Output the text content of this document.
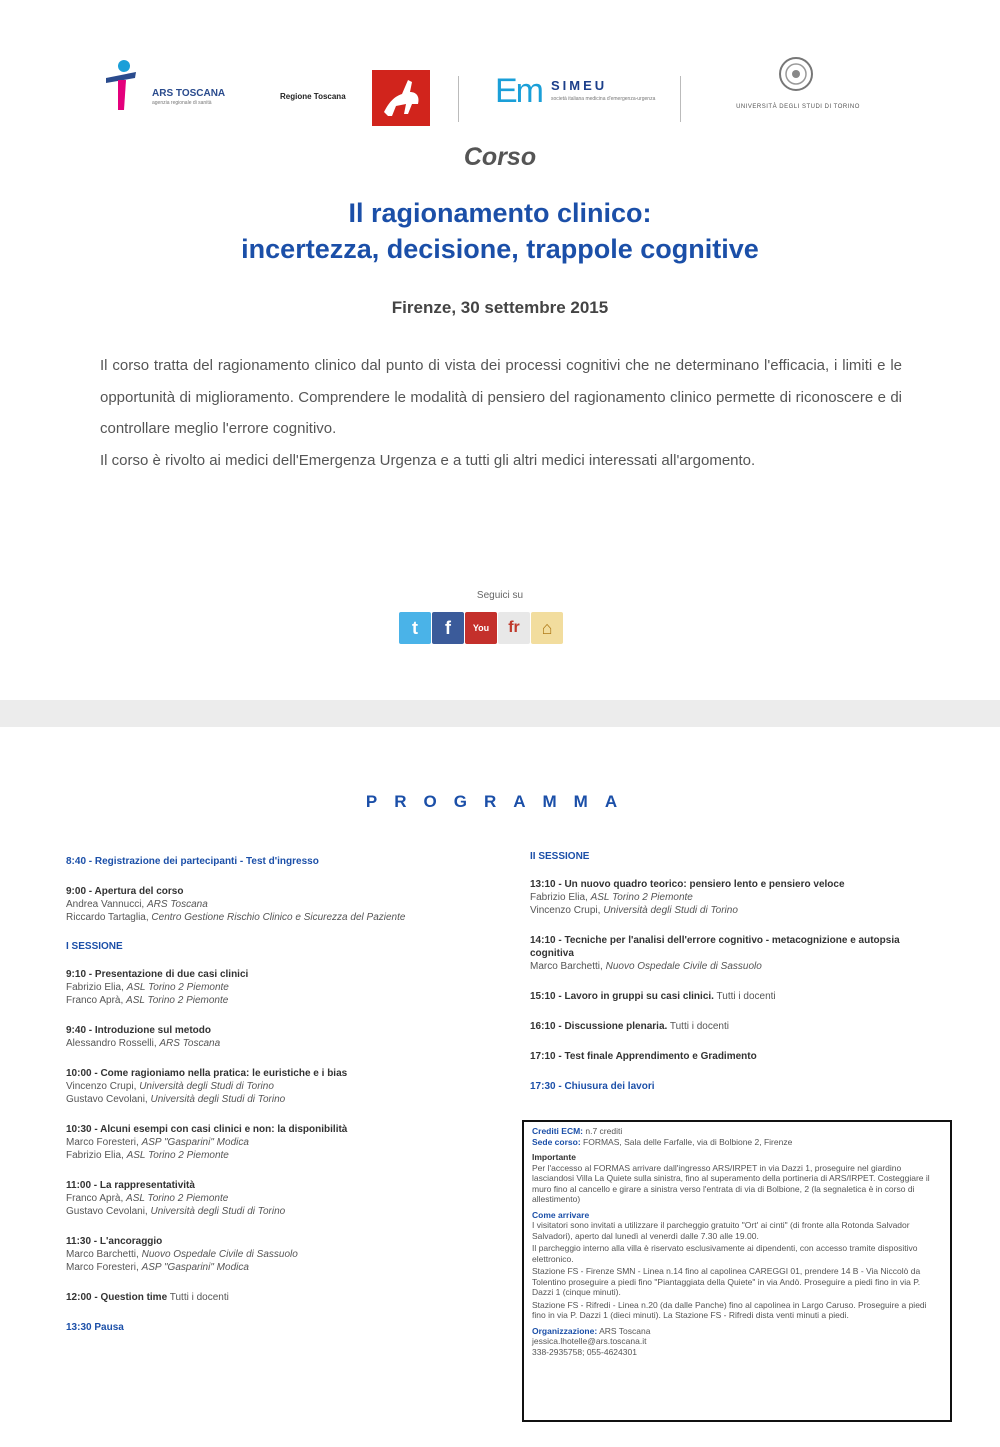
ARS TOSCANA
agenzia regionale di sanità
Regione Toscana	Em SIMEU
società italiana medicina d'emergenza-urgenza
UNIVERSITÀ DEGLI STUDI DI TORINO
Corso
Il ragionamento clinico:
incertezza, decisione, trappole cognitive
Firenze, 30 settembre 2015

Il corso tratta del ragionamento clinico dal punto di vista dei processi cognitivi che ne determinano l'efficacia, i limiti e le opportunità di miglioramento. Comprendere le modalità di pensiero del ragionamento clinico permette di riconoscere e di controllare meglio l'errore cognitivo.

Il corso è rivolto ai medici dell'Emergenza Urgenza e a tutti gli altri medici interessati all'argomento.

Seguici su
t f You fr ⌂
PROGRAMMA
8:40 - Registrazione dei partecipanti - Test d'ingresso
9:00 - Apertura del corso
Andrea Vannucci, ARS Toscana
Riccardo Tartaglia, Centro Gestione Rischio Clinico e Sicurezza del Paziente
I SESSIONE
9:10 - Presentazione di due casi clinici
Fabrizio Elia, ASL Torino 2 Piemonte
Franco Aprà, ASL Torino 2 Piemonte
9:40 - Introduzione sul metodo
Alessandro Rosselli, ARS Toscana
10:00 - Come ragioniamo nella pratica: le euristiche e i bias
Vincenzo Crupi, Università degli Studi di Torino
Gustavo Cevolani, Università degli Studi di Torino
10:30 - Alcuni esempi con casi clinici e non: la disponibilità
Marco Foresteri, ASP "Gasparini" Modica
Fabrizio Elia, ASL Torino 2 Piemonte
11:00 - La rappresentatività
Franco Aprà, ASL Torino 2 Piemonte
Gustavo Cevolani, Università degli Studi di Torino
11:30 - L'ancoraggio
Marco Barchetti, Nuovo Ospedale Civile di Sassuolo
Marco Foresteri, ASP "Gasparini" Modica
12:00 - Question time Tutti i docenti
13:30 Pausa
II SESSIONE
13:10 - Un nuovo quadro teorico: pensiero lento e pensiero veloce
Fabrizio Elia, ASL Torino 2 Piemonte
Vincenzo Crupi, Università degli Studi di Torino
14:10 - Tecniche per l'analisi dell'errore cognitivo - metacognizione e autopsia cognitiva
Marco Barchetti, Nuovo Ospedale Civile di Sassuolo
15:10 - Lavoro in gruppi su casi clinici. Tutti i docenti
16:10 - Discussione plenaria. Tutti i docenti
17:10 - Test finale Apprendimento e Gradimento
17:30 - Chiusura dei lavori

Crediti ECM: n.7 crediti
Sede corso: FORMAS, Sala delle Farfalle, via di Bolbione 2, Firenze

Importante
Per l'accesso al FORMAS arrivare dall'ingresso ARS/IRPET in via Dazzi 1, proseguire nel giardino lasciandosi Villa La Quiete sulla sinistra, fino al superamento della portineria di ARS/IRPET. Costeggiare il muro fino al cancello e girare a sinistra verso l'entrata di via di Bolbione, 2 (la segnaletica è in corso di allestimento)

Come arrivare
I visitatori sono invitati a utilizzare il parcheggio gratuito "Ort' ai cinti" (di fronte alla Rotonda Salvador Salvadori), aperto dal lunedì al venerdì dalle 7.30 alle 19.00.

Il parcheggio interno alla villa è riservato esclusivamente ai dipendenti, con accesso tramite dispositivo elettronico.

Stazione FS - Firenze SMN - Linea n.14 fino al capolinea CAREGGI 01, prendere 14 B - Via Niccolò da Tolentino proseguire a piedi fino "Piantaggiata della Quiete" in via Andò. Proseguire a piedi fino in via P. Dazzi 1 (cinque minuti).

Stazione FS - Rifredi - Linea n.20 (da dalle Panche) fino al capolinea in Largo Caruso. Proseguire a piedi fino in via P. Dazzi 1 (dieci minuti). La Stazione FS - Rifredi dista venti minuti a piedi.

Organizzazione: ARS Toscana
jessica.lhotelle@ars.toscana.it
338-2935758; 055-4624301
